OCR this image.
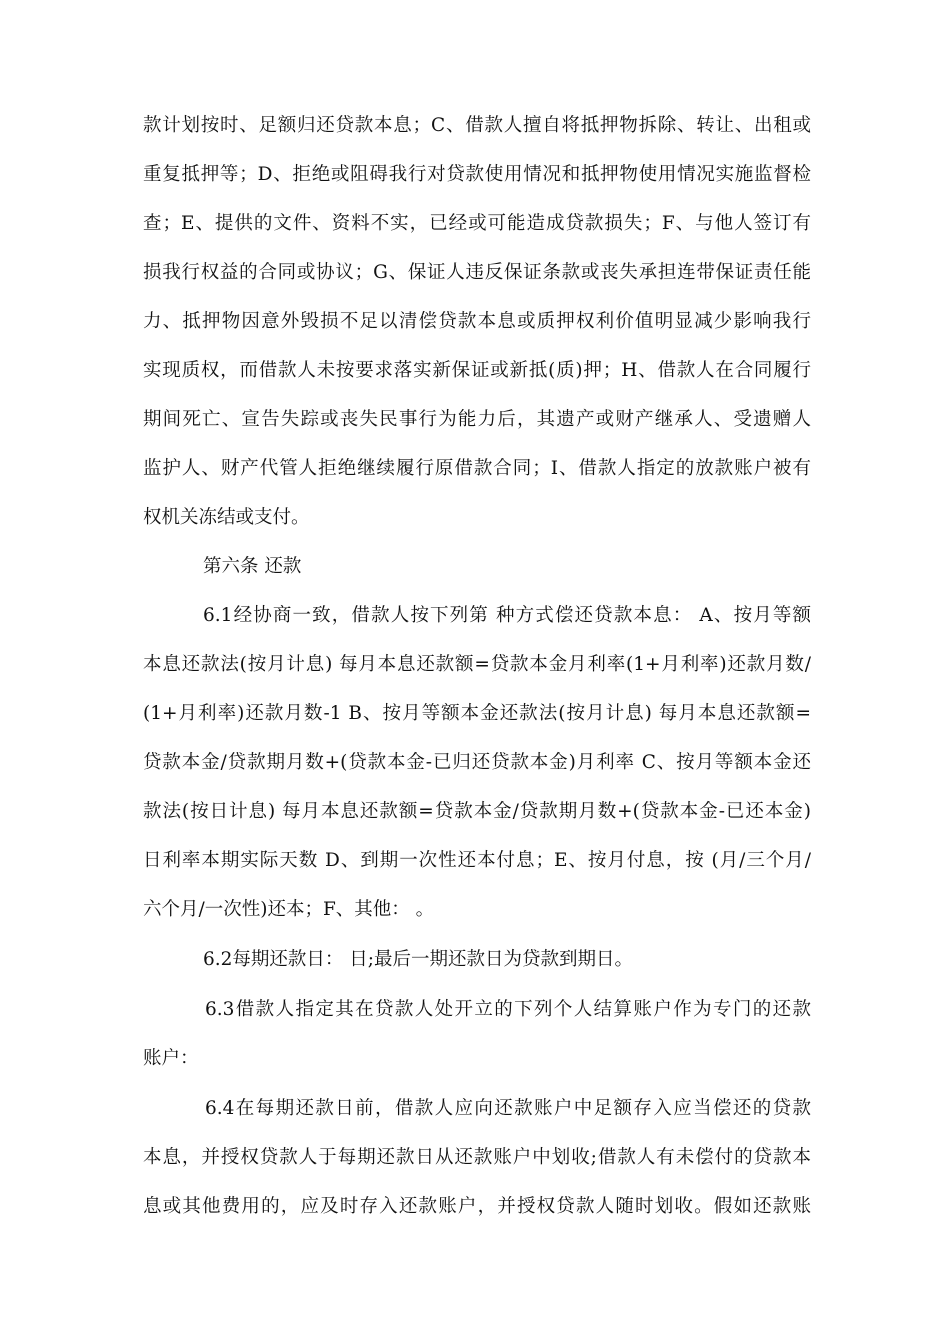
款计划按时、足额归还贷款本息；C、借款人擅自将抵押物拆除、转让、出租或
重复抵押等；D、拒绝或阻碍我行对贷款使用情况和抵押物使用情况实施监督检
查；E、提供的文件、资料不实，已经或可能造成贷款损失；F、与他人签订有
损我行权益的合同或协议；G、保证人违反保证条款或丧失承担连带保证责任能
力、抵押物因意外毁损不足以清偿贷款本息或质押权利价值明显减少影响我行
实现质权，而借款人未按要求落实新保证或新抵(质)押；H、借款人在合同履行
期间死亡、宣告失踪或丧失民事行为能力后，其遗产或财产继承人、受遗赠人
监护人、财产代管人拒绝继续履行原借款合同；I、借款人指定的放款账户被有
权机关冻结或支付。
第六条 还款
6.1经协商一致，借款人按下列第 种方式偿还贷款本息： A、按月等额
本息还款法(按月计息) 每月本息还款额=贷款本金月利率(1+月利率)还款月数/
(1+月利率)还款月数-1 B、按月等额本金还款法(按月计息) 每月本息还款额=
贷款本金/贷款期月数+(贷款本金-已归还贷款本金)月利率 C、按月等额本金还
款法(按日计息) 每月本息还款额=贷款本金/贷款期月数+(贷款本金-已还本金)
日利率本期实际天数 D、到期一次性还本付息；E、按月付息，按 (月/三个月/
六个月/一次性)还本；F、其他： 。
6.2每期还款日： 日;最后一期还款日为贷款到期日。
6.3借款人指定其在贷款人处开立的下列个人结算账户作为专门的还款
账户：
6.4在每期还款日前，借款人应向还款账户中足额存入应当偿还的贷款
本息，并授权贷款人于每期还款日从还款账户中划收;借款人有未偿付的贷款本
息或其他费用的，应及时存入还款账户，并授权贷款人随时划收。假如还款账
